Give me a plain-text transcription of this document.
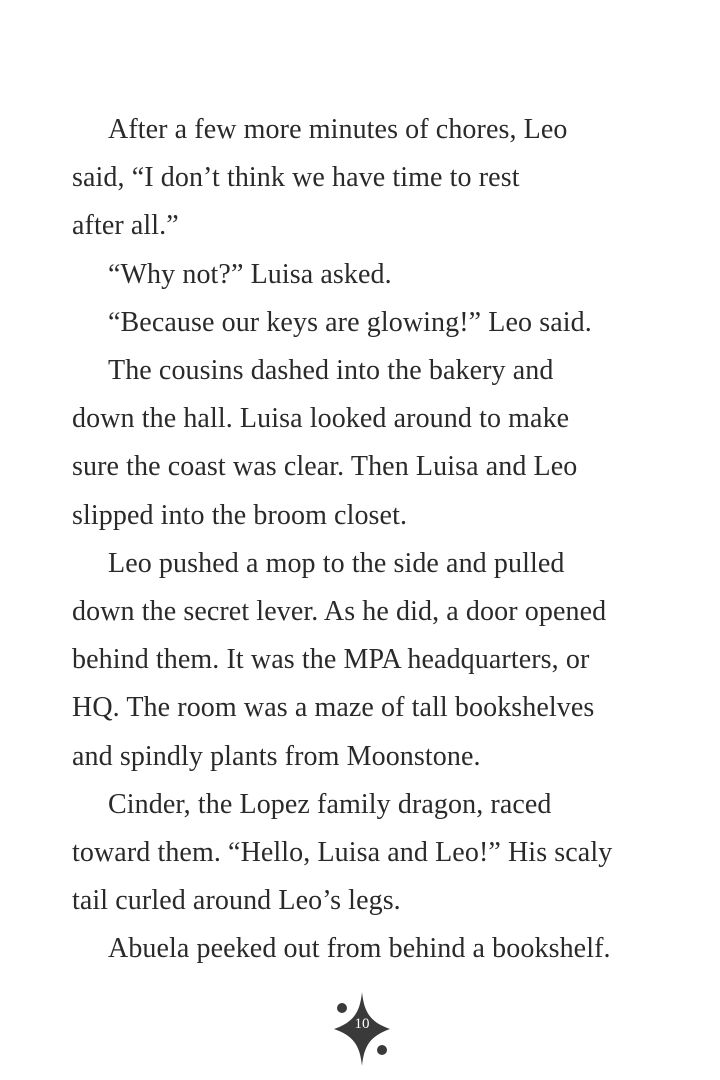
After a few more minutes of chores, Leo
said, “I don’t think we have time to rest
after all.”
“Why not?” Luisa asked.
“Because our keys are glowing!” Leo said.
The cousins dashed into the bakery and
down the hall. Luisa looked around to make
sure the coast was clear. Then Luisa and Leo
slipped into the broom closet.
Leo pushed a mop to the side and pulled
down the secret lever. As he did, a door opened
behind them. It was the MPA headquarters, or
HQ. The room was a maze of tall bookshelves
and spindly plants from Moonstone.
Cinder, the Lopez family dragon, raced
toward them. “Hello, Luisa and Leo!” His scaly
tail curled around Leo’s legs.
Abuela peeked out from behind a bookshelf.
10
